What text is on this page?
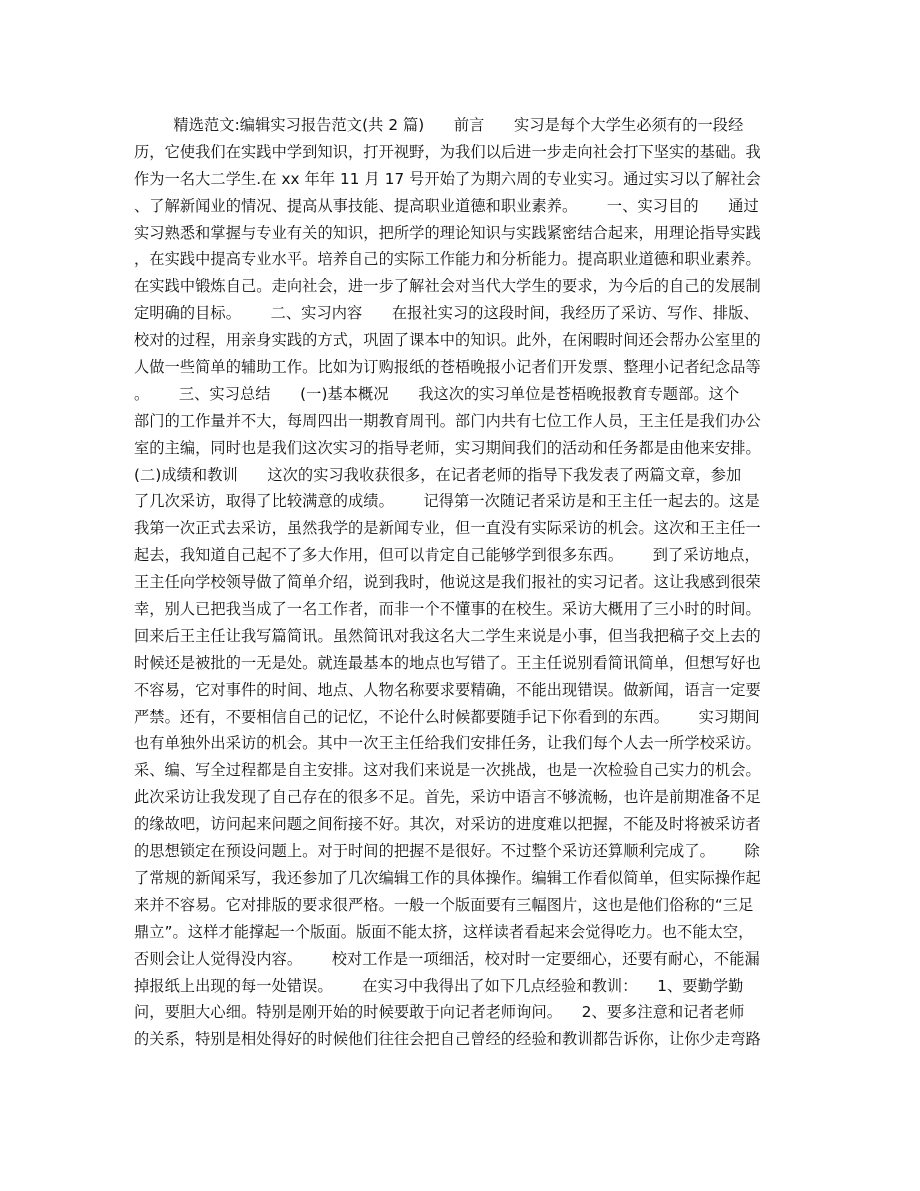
精选范文:编辑实习报告范文(共 2 篇)      前言      实习是每个大学生必须有的一段经
历，它使我们在实践中学到知识，打开视野，为我们以后进一步走向社会打下坚实的基础。我
作为一名大二学生.在 xx 年年 11 月 17 号开始了为期六周的专业实习。通过实习以了解社会
、了解新闻业的情况、提高从事技能、提高职业道德和职业素养。      一、实习目的      通过
实习熟悉和掌握与专业有关的知识，把所学的理论知识与实践紧密结合起来，用理论指导实践
，在实践中提高专业水平。培养自己的实际工作能力和分析能力。提高职业道德和职业素养。
在实践中锻炼自己。走向社会，进一步了解社会对当代大学生的要求，为今后的自己的发展制
定明确的目标。      二、实习内容      在报社实习的这段时间，我经历了采访、写作、排版、
校对的过程，用亲身实践的方式，巩固了课本中的知识。此外，在闲暇时间还会帮办公室里的
人做一些简单的辅助工作。比如为订购报纸的苍梧晚报小记者们开发票、整理小记者纪念品等
。      三、实习总结      (一)基本概况      我这次的实习单位是苍梧晚报教育专题部。这个
部门的工作量并不大，每周四出一期教育周刊。部门内共有七位工作人员，王主任是我们办公
室的主编，同时也是我们这次实习的指导老师，实习期间我们的活动和任务都是由他来安排。
(二)成绩和教训      这次的实习我收获很多，在记者老师的指导下我发表了两篇文章，参加
了几次采访，取得了比较满意的成绩。      记得第一次随记者采访是和王主任一起去的。这是
我第一次正式去采访，虽然我学的是新闻专业，但一直没有实际采访的机会。这次和王主任一
起去，我知道自己起不了多大作用，但可以肯定自己能够学到很多东西。      到了采访地点，
王主任向学校领导做了简单介绍，说到我时，他说这是我们报社的实习记者。这让我感到很荣
幸，别人已把我当成了一名工作者，而非一个不懂事的在校生。采访大概用了三小时的时间。
回来后王主任让我写篇简讯。虽然简讯对我这名大二学生来说是小事，但当我把稿子交上去的
时候还是被批的一无是处。就连最基本的地点也写错了。王主任说别看简讯简单，但想写好也
不容易，它对事件的时间、地点、人物名称要求要精确，不能出现错误。做新闻，语言一定要
严禁。还有，不要相信自己的记忆，不论什么时候都要随手记下你看到的东西。      实习期间
也有单独外出采访的机会。其中一次王主任给我们安排任务，让我们每个人去一所学校采访。
采、编、写全过程都是自主安排。这对我们来说是一次挑战，也是一次检验自己实力的机会。
此次采访让我发现了自己存在的很多不足。首先，采访中语言不够流畅，也许是前期准备不足
的缘故吧，访问起来问题之间衔接不好。其次，对采访的进度难以把握，不能及时将被采访者
的思想锁定在预设问题上。对于时间的把握不是很好。不过整个采访还算顺利完成了。      除
了常规的新闻采写，我还参加了几次编辑工作的具体操作。编辑工作看似简单，但实际操作起
来并不容易。它对排版的要求很严格。一般一个版面要有三幅图片，这也是他们俗称的“三足
鼎立”。这样才能撑起一个版面。版面不能太挤，这样读者看起来会觉得吃力。也不能太空，
否则会让人觉得没内容。      校对工作是一项细活，校对时一定要细心，还要有耐心，不能漏
掉报纸上出现的每一处错误。      在实习中我得出了如下几点经验和教训：    1、要勤学勤
问，要胆大心细。特别是刚开始的时候要敢于向记者老师询问。    2、要多注意和记者老师
的关系，特别是相处得好的时候他们往往会把自己曾经的经验和教训都告诉你，让你少走弯路
